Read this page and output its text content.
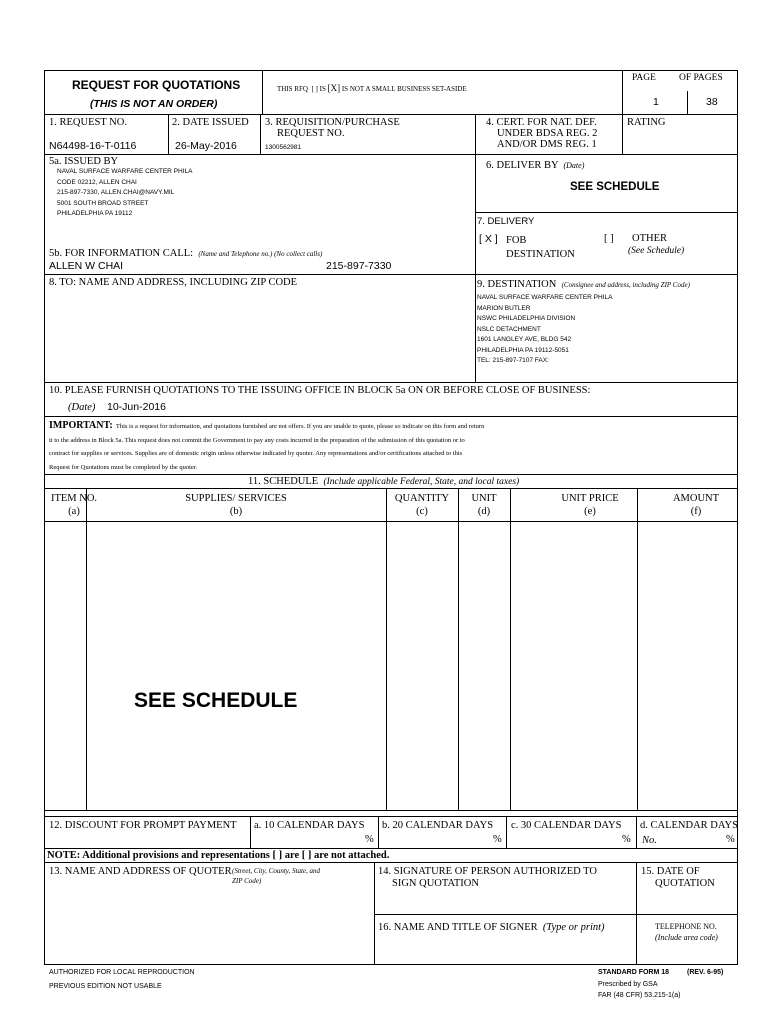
REQUEST FOR QUOTATIONS
(THIS IS NOT AN ORDER)
THIS RFQ [ ] IS [X] IS NOT A SMALL BUSINESS SET-ASIDE
PAGE OF PAGES
1	38
1. REQUEST NO.
N64498-16-T-0116
2. DATE ISSUED
26-May-2016
3. REQUISITION/PURCHASE
REQUEST NO.
1300562981
4. CERT. FOR NAT. DEF.
UNDER BDSA REG. 2
AND/OR DMS REG. 1
RATING
5a. ISSUED BY
NAVAL SURFACE WARFARE CENTER PHILA
CODE 02212, ALLEN CHAI
215-897-7330, ALLEN.CHAI@NAVY.MIL
5001 SOUTH BROAD STREET
PHILADELPHIA PA 19112
6. DELIVER BY (Date)
SEE SCHEDULE
7. DELIVERY
[ X ] FOB
DESTINATION
[ ] OTHER
(See Schedule)
5b. FOR INFORMATION CALL: (Name and Telephone no.) (No collect calls)
ALLEN W CHAI	215-897-7330
8. TO: NAME AND ADDRESS, INCLUDING ZIP CODE	9. DESTINATION (Consignee and address, including ZIP Code)
NAVAL SURFACE WARFARE CENTER PHILA
MARION BUTLER
NSWC PHILADELPHIA DIVISION
NSLC DETACHMENT
1601 LANGLEY AVE, BLDG 542
PHILADELPHIA PA 19112-5051
TEL: 215-897-7107 FAX:
10. PLEASE FURNISH QUOTATIONS TO THE ISSUING OFFICE IN BLOCK 5a ON OR BEFORE CLOSE OF BUSINESS:
(Date) 10-Jun-2016
IMPORTANT: This is a request for information, and quotations furnished are not offers. If you are unable to quote, please so indicate on this form and return
it to the address in Block 5a. This request does not commit the Government to pay any costs incurred in the preparation of the submission of this quotation or to
contract for supplies or services. Supplies are of domestic origin unless otherwise indicated by quoter. Any representations and/or certifications attached to this
Request for Quotations must be completed by the quoter.
11. SCHEDULE (Include applicable Federal, State, and local taxes)
ITEM NO.
(a)
SUPPLIES/ SERVICES
(b)
QUANTITY
(c)
UNIT
(d)
UNIT PRICE
(e)
AMOUNT
(f)
SEE SCHEDULE
12. DISCOUNT FOR PROMPT PAYMENT a. 10 CALENDAR DAYS
%
b. 20 CALENDAR DAYS
%
c. 30 CALENDAR DAYS
%
d. CALENDAR DAYS
No.	%
NOTE: Additional provisions and representations [ ] are [ ] are not attached.
13. NAME AND ADDRESS OF QUOTER (Street, City, County, State, and
ZIP Code)
14. SIGNATURE OF PERSON AUTHORIZED TO
SIGN QUOTATION
15. DATE OF
QUOTATION
16. NAME AND TITLE OF SIGNER (Type or print)	TELEPHONE NO.
(Include area code)
AUTHORIZED FOR LOCAL REPRODUCTION
PREVIOUS EDITION NOT USABLE
STANDARD FORM 18	(REV. 6-95)
Prescribed by GSA
FAR (48 CFR) 53.215-1(a)
